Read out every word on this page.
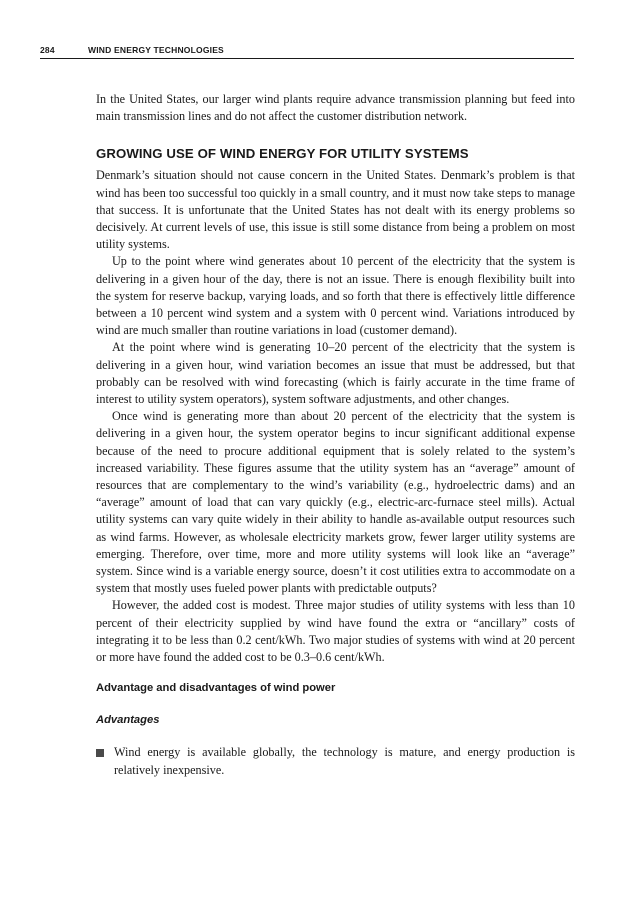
284	WIND ENERGY TECHNOLOGIES

In the United States, our larger wind plants require advance transmission planning but feed into main transmission lines and do not affect the customer distribution network.

GROWING USE OF WIND ENERGY FOR UTILITY SYSTEMS

Denmark’s situation should not cause concern in the United States. Denmark’s problem is that wind has been too successful too quickly in a small country, and it must now take steps to manage that success. It is unfortunate that the United States has not dealt with its energy problems so decisively. At current levels of use, this issue is still some distance from being a problem on most utility systems.

Up to the point where wind generates about 10 percent of the electricity that the system is delivering in a given hour of the day, there is not an issue. There is enough flexibility built into the system for reserve backup, varying loads, and so forth that there is effectively little difference between a 10 percent wind system and a system with 0 percent wind. Variations introduced by wind are much smaller than routine variations in load (customer demand).

At the point where wind is generating 10–20 percent of the electricity that the system is delivering in a given hour, wind variation becomes an issue that must be addressed, but that probably can be resolved with wind forecasting (which is fairly accurate in the time frame of interest to utility system operators), system software adjustments, and other changes.

Once wind is generating more than about 20 percent of the electricity that the system is delivering in a given hour, the system operator begins to incur significant additional expense because of the need to procure additional equipment that is solely related to the system’s increased variability. These figures assume that the utility system has an “average” amount of resources that are complementary to the wind’s variability (e.g., hydroelectric dams) and an “average” amount of load that can vary quickly (e.g., electric-arc-furnace steel mills). Actual utility systems can vary quite widely in their ability to handle as-available output resources such as wind farms. However, as wholesale electricity markets grow, fewer larger utility systems are emerging. Therefore, over time, more and more utility systems will look like an “average” system. Since wind is a variable energy source, doesn’t it cost utilities extra to accommodate on a system that mostly uses fueled power plants with predictable outputs?

However, the added cost is modest. Three major studies of utility systems with less than 10 percent of their electricity supplied by wind have found the extra or “ancillary” costs of integrating it to be less than 0.2 cent/kWh. Two major studies of systems with wind at 20 percent or more have found the added cost to be 0.3–0.6 cent/kWh.

Advantage and disadvantages of wind power
Advantages
Wind energy is available globally, the technology is mature, and energy production is relatively inexpensive.
